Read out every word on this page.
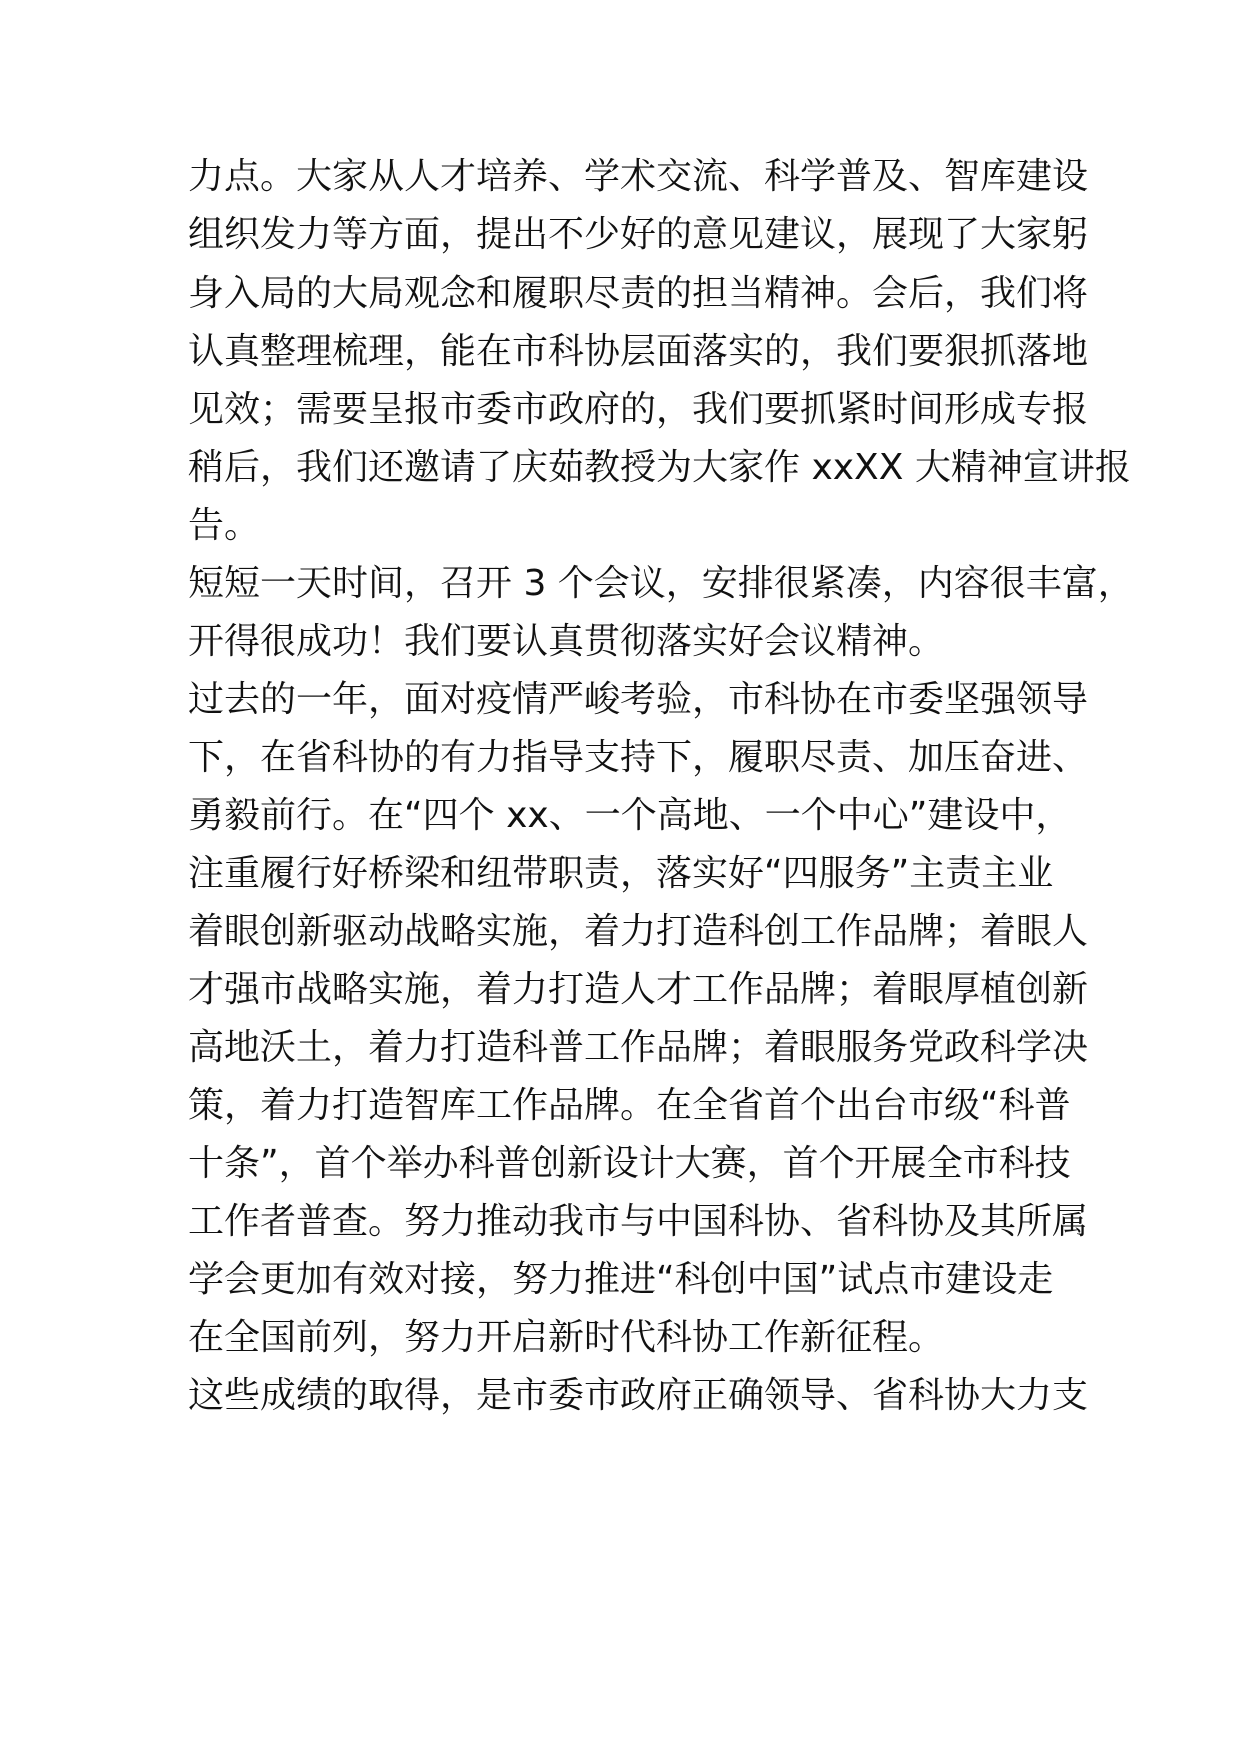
力点。大家从人才培养、学术交流、科学普及、智库建设
组织发力等方面，提出不少好的意见建议，展现了大家躬
身入局的大局观念和履职尽责的担当精神。会后，我们将
认真整理梳理，能在市科协层面落实的，我们要狠抓落地
见效；需要呈报市委市政府的，我们要抓紧时间形成专报
稍后，我们还邀请了庆茹教授为大家作 xxXX 大精神宣讲报
告。
短短一天时间，召开 3 个会议，安排很紧凑，内容很丰富，
开得很成功！我们要认真贯彻落实好会议精神。
过去的一年，面对疫情严峻考验，市科协在市委坚强领导
下，在省科协的有力指导支持下，履职尽责、加压奋进、
勇毅前行。在“四个 xx、一个高地、一个中心”建设中，
注重履行好桥梁和纽带职责，落实好“四服务”主责主业
着眼创新驱动战略实施，着力打造科创工作品牌；着眼人
才强市战略实施，着力打造人才工作品牌；着眼厚植创新
高地沃土，着力打造科普工作品牌；着眼服务党政科学决
策，着力打造智库工作品牌。在全省首个出台市级“科普
十条”，首个举办科普创新设计大赛，首个开展全市科技
工作者普查。努力推动我市与中国科协、省科协及其所属
学会更加有效对接，努力推进“科创中国”试点市建设走
在全国前列，努力开启新时代科协工作新征程。
这些成绩的取得，是市委市政府正确领导、省科协大力支
